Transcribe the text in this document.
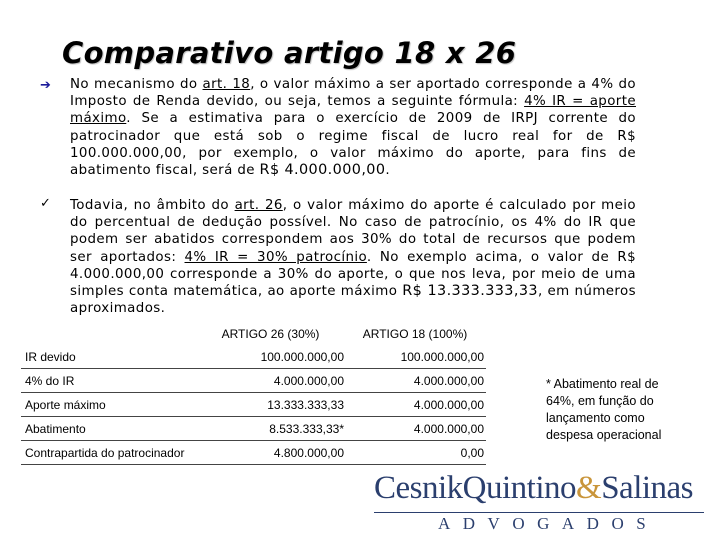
Comparativo artigo 18 x 26
➔ No mecanismo do art. 18, o valor máximo a ser aportado corresponde a 4% do Imposto de Renda devido, ou seja, temos a seguinte fórmula: 4% IR = aporte máximo. Se a estimativa para o exercício de 2009 de IRPJ corrente do patrocinador que está sob o regime fiscal de lucro real for de R$ 100.000.000,00, por exemplo, o valor máximo do aporte, para fins de abatimento fiscal, será de R$ 4.000.000,00.
✓ Todavia, no âmbito do art. 26, o valor máximo do aporte é calculado por meio do percentual de dedução possível. No caso de patrocínio, os 4% do IR que podem ser abatidos correspondem aos 30% do total de recursos que podem ser aportados: 4% IR = 30% patrocínio. No exemplo acima, o valor de R$ 4.000.000,00 corresponde a 30% do aporte, o que nos leva, por meio de uma simples conta matemática, ao aporte máximo R$ 13.333.333,33, em números aproximados.
	ARTIGO 26 (30%)	ARTIGO 18 (100%)
IR devido	100.000.000,00	100.000.000,00
4% do IR	4.000.000,00	4.000.000,00
Aporte máximo	13.333.333,33	4.000.000,00
Abatimento	8.533.333,33*	4.000.000,00
Contrapartida do patrocinador	4.800.000,00	0,00
* Abatimento real de 64%, em função do lançamento como despesa operacional
CesnikQuintino&Salinas
ADVOGADOS
